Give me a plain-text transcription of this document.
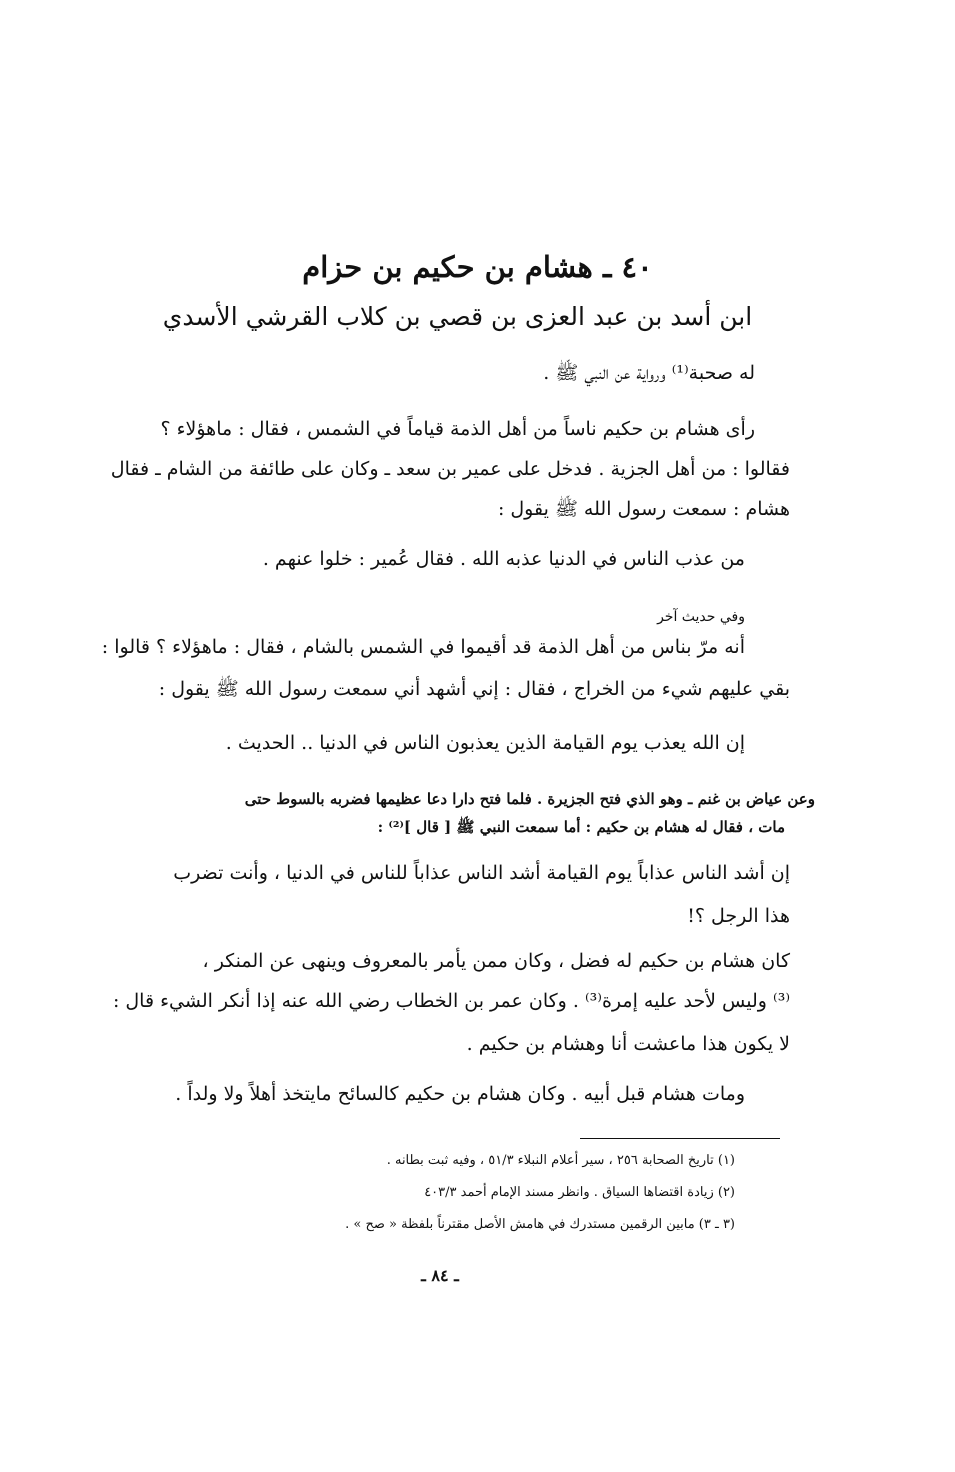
٤٠ ـ هشام بن حكيم بن حزام
ابن أسد بن عبد العزى بن قصي بن كلاب القرشي الأسدي
له صحبة⁽¹⁾ ورواية عن النبي ﷺ .
رأى هشام بن حكيم ناساً من أهل الذمة قياماً في الشمس ، فقال : ماهؤلاء ؟
فقالوا : من أهل الجزية . فدخل على عمير بن سعد ـ وكان على طائفة من الشام ـ فقال
هشام : سمعت رسول الله ﷺ يقول :
من عذب الناس في الدنيا عذبه الله . فقال عُمير : خلوا عنهم .
وفي حديث آخر
أنه مرّ بناس من أهل الذمة قد أقيموا في الشمس بالشام ، فقال : ماهؤلاء ؟ قالوا :
بقي عليهم شيء من الخراج ، فقال : إني أشهد أني سمعت رسول الله ﷺ يقول :
إن الله يعذب يوم القيامة الذين يعذبون الناس في الدنيا .. الحديث .
وعن عياض بن غنم ـ وهو الذي فتح الجزيرة . فلما فتح دارا دعا عظيمها فضربه بالسوط حتى
مات ، فقال له هشام بن حكيم : أما سمعت النبي ﷺ [ قال ]⁽²⁾ :
إن أشد الناس عذاباً يوم القيامة أشد الناس عذاباً للناس في الدنيا ، وأنت تضرب
هذا الرجل ؟!
كان هشام بن حكيم له فضل ، وكان ممن يأمر بالمعروف وينهى عن المنكر ،
⁽³⁾ وليس لأحد عليه إمرة⁽³⁾ . وكان عمر بن الخطاب رضي الله عنه إذا أنكر الشيء قال :
لا يكون هذا ماعشت أنا وهشام بن حكيم .
ومات هشام قبل أبيه . وكان هشام بن حكيم كالسائح مايتخذ أهلاً ولا ولداً .
(١) تاريخ الصحابة ٢٥٦ ، سير أعلام النبلاء ٥١/٣ ، وفيه ثبت بطانه .
(٢) زيادة اقتضاها السياق . وانظر مسند الإمام أحمد ٤٠٣/٣
(٣ ـ ٣) مابين الرقمين مستدرك في هامش الأصل مقترناً بلفظة « صح » .
ـ ٨٤ ـ
